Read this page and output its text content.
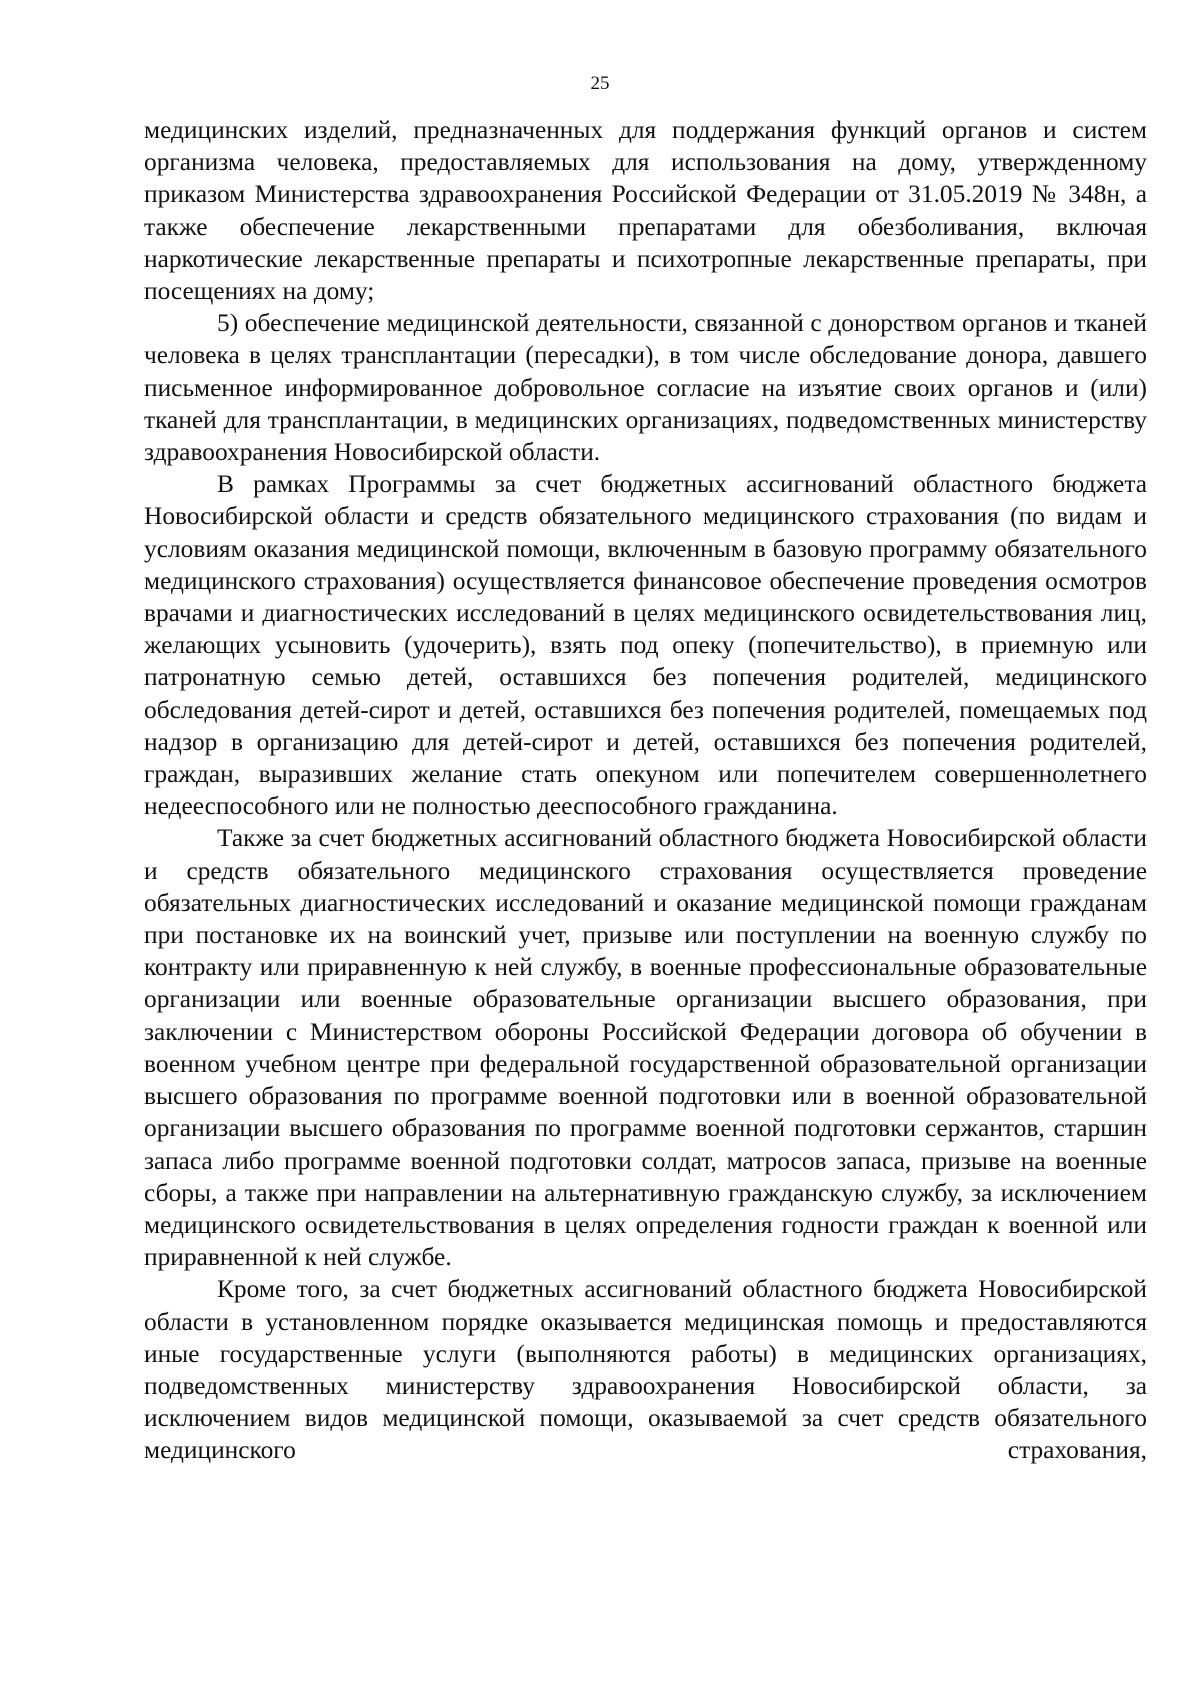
25

медицинских изделий, предназначенных для поддержания функций органов и систем организма человека, предоставляемых для использования на дому, утвержденному приказом Министерства здравоохранения Российской Федерации от 31.05.2019 № 348н, а также обеспечение лекарственными препаратами для обезболивания, включая наркотические лекарственные препараты и психотропные лекарственные препараты, при посещениях на дому;

5) обеспечение медицинской деятельности, связанной с донорством органов и тканей человека в целях трансплантации (пересадки), в том числе обследование донора, давшего письменное информированное добровольное согласие на изъятие своих органов и (или) тканей для трансплантации, в медицинских организациях, подведомственных министерству здравоохранения Новосибирской области.

В рамках Программы за счет бюджетных ассигнований областного бюджета Новосибирской области и средств обязательного медицинского страхования (по видам и условиям оказания медицинской помощи, включенным в базовую программу обязательного медицинского страхования) осуществляется финансовое обеспечение проведения осмотров врачами и диагностических исследований в целях медицинского освидетельствования лиц, желающих усыновить (удочерить), взять под опеку (попечительство), в приемную или патронатную семью детей, оставшихся без попечения родителей, медицинского обследования детей-сирот и детей, оставшихся без попечения родителей, помещаемых под надзор в организацию для детей-сирот и детей, оставшихся без попечения родителей, граждан, выразивших желание стать опекуном или попечителем совершеннолетнего недееспособного или не полностью дееспособного гражданина.

Также за счет бюджетных ассигнований областного бюджета Новосибирской области и средств обязательного медицинского страхования осуществляется проведение обязательных диагностических исследований и оказание медицинской помощи гражданам при постановке их на воинский учет, призыве или поступлении на военную службу по контракту или приравненную к ней службу, в военные профессиональные образовательные организации или военные образовательные организации высшего образования, при заключении с Министерством обороны Российской Федерации договора об обучении в военном учебном центре при федеральной государственной образовательной организации высшего образования по программе военной подготовки или в военной образовательной организации высшего образования по программе военной подготовки сержантов, старшин запаса либо программе военной подготовки солдат, матросов запаса, призыве на военные сборы, а также при направлении на альтернативную гражданскую службу, за исключением медицинского освидетельствования в целях определения годности граждан к военной или приравненной к ней службе.

Кроме того, за счет бюджетных ассигнований областного бюджета Новосибирской области в установленном порядке оказывается медицинская помощь и предоставляются иные государственные услуги (выполняются работы) в медицинских организациях, подведомственных министерству здравоохранения Новосибирской области, за исключением видов медицинской помощи, оказываемой за счет средств обязательного медицинского страхования,
